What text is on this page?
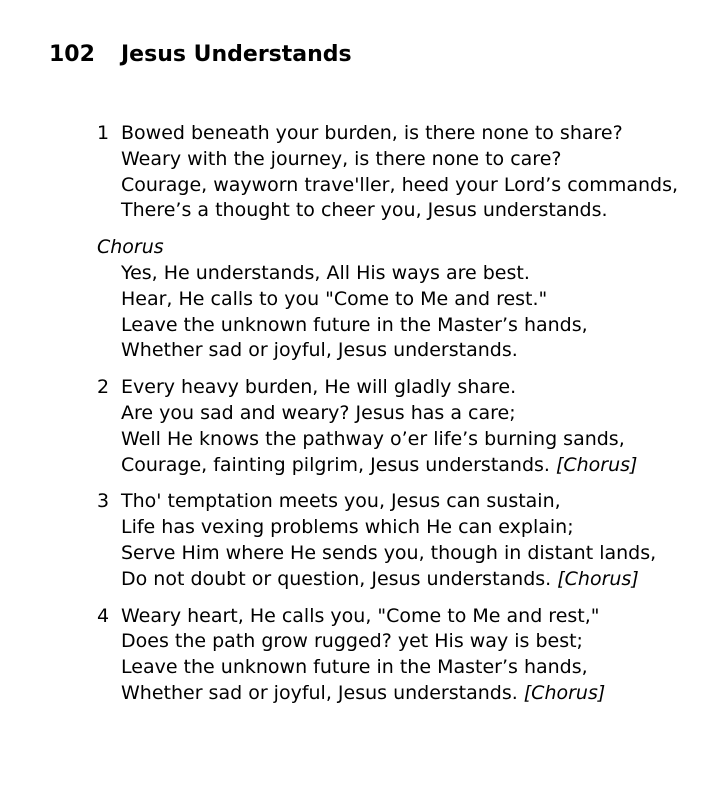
102 Jesus Understands
1 Bowed beneath your burden, is there none to share?
Weary with the journey, is there none to care?
Courage, wayworn trave'ller, heed your Lord’s commands,
There’s a thought to cheer you, Jesus understands.
Chorus
Yes, He understands, All His ways are best.
Hear, He calls to you "Come to Me and rest."
Leave the unknown future in the Master’s hands,
Whether sad or joyful, Jesus understands.
2 Every heavy burden, He will gladly share.
Are you sad and weary? Jesus has a care;
Well He knows the pathway o’er life’s burning sands,
Courage, fainting pilgrim, Jesus understands. [Chorus]
3 Tho' temptation meets you, Jesus can sustain,
Life has vexing problems which He can explain;
Serve Him where He sends you, though in distant lands,
Do not doubt or question, Jesus understands. [Chorus]
4 Weary heart, He calls you, "Come to Me and rest,"
Does the path grow rugged? yet His way is best;
Leave the unknown future in the Master’s hands,
Whether sad or joyful, Jesus understands. [Chorus]
